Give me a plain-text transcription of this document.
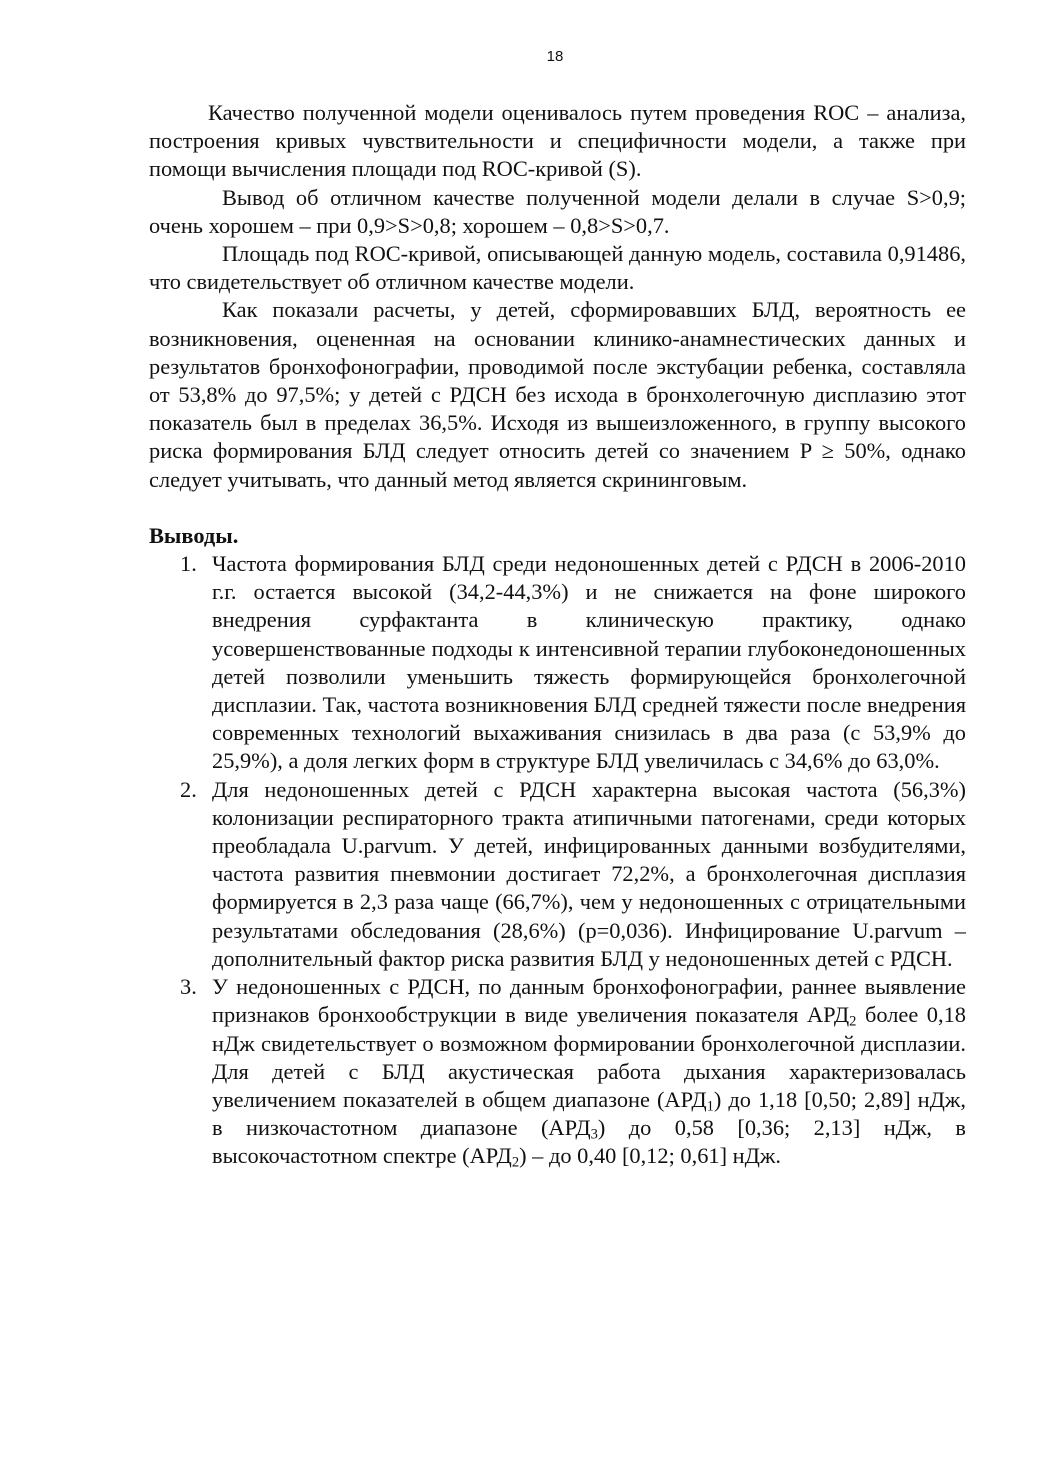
18

Качество полученной модели оценивалось путем проведения ROC – анализа, построения кривых чувствительности и специфичности модели, а также при помощи вычисления площади под ROC-кривой (S).

Вывод об отличном качестве полученной модели делали в случае S>0,9; очень хорошем – при 0,9>S>0,8; хорошем – 0,8>S>0,7.

Площадь под ROC-кривой, описывающей данную модель, составила 0,91486, что свидетельствует об отличном качестве модели.

Как показали расчеты, у детей, сформировавших БЛД, вероятность ее возникновения, оцененная на основании клинико-анамнестических данных и результатов бронхофонографии, проводимой после экстубации ребенка, составляла от 53,8% до 97,5%; у детей с РДСН без исхода в бронхолегочную дисплазию этот показатель был в пределах 36,5%. Исходя из вышеизложенного, в группу высокого риска формирования БЛД следует относить детей со значением P ≥ 50%, однако следует учитывать, что данный метод является скрининговым.

Выводы.
1. Частота формирования БЛД среди недоношенных детей с РДСН в 2006-2010 г.г. остается высокой (34,2-44,3%) и не снижается на фоне широкого внедрения сурфактанта в клиническую практику, однако усовершенствованные подходы к интенсивной терапии глубоконедоношенных детей позволили уменьшить тяжесть формирующейся бронхолегочной дисплазии. Так, частота возникновения БЛД средней тяжести после внедрения современных технологий выхаживания снизилась в два раза (с 53,9% до 25,9%), а доля легких форм в структуре БЛД увеличилась с 34,6% до 63,0%.
2. Для недоношенных детей с РДСН характерна высокая частота (56,3%) колонизации респираторного тракта атипичными патогенами, среди которых преобладала U.parvum. У детей, инфицированных данными возбудителями, частота развития пневмонии достигает 72,2%, а бронхолегочная дисплазия формируется в 2,3 раза чаще (66,7%), чем у недоношенных с отрицательными результатами обследования (28,6%) (p=0,036). Инфицирование U.parvum – дополнительный фактор риска развития БЛД у недоношенных детей с РДСН.
3. У недоношенных с РДСН, по данным бронхофонографии, раннее выявление признаков бронхообструкции в виде увеличения показателя $АРД_2$ более 0,18 нДж свидетельствует о возможном формировании бронхолегочной дисплазии. Для детей с БЛД акустическая работа дыхания характеризовалась увеличением показателей в общем диапазоне $(АРД_1)$ до 1,18 [0,50; 2,89] нДж, в низкочастотном диапазоне $(АРД_3)$ до 0,58 [0,36; 2,13] нДж, в высокочастотном спектре $(АРД_2)$ – до 0,40 [0,12; 0,61] нДж.
